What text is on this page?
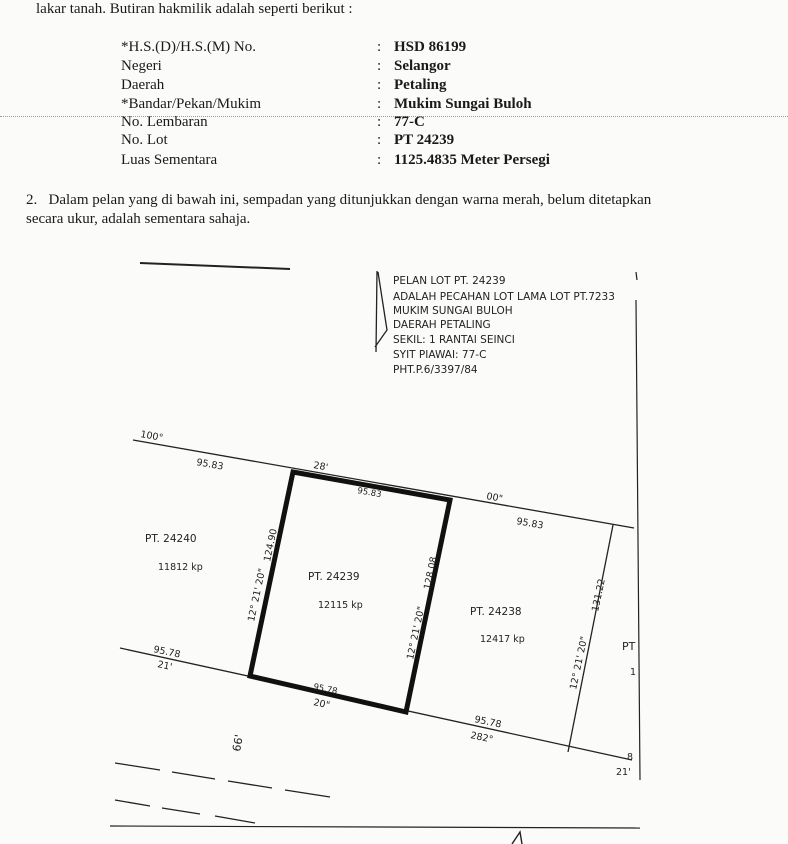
lakar tanah. Butiran hakmilik adalah seperti berikut :
*H.S.(D)/H.S.(M) No.	: HSD 86199
Negeri	: Selangor
Daerah	: Petaling
*Bandar/Pekan/Mukim	: Mukim Sungai Buloh
No. Lembaran	: 77-C
No. Lot	: PT 24239
Luas Sementara	: 1125.4835 Meter Persegi
2. Dalam pelan yang di bawah ini, sempadan yang ditunjukkan dengan warna merah, belum ditetapkan
secara ukur, adalah sementara sahaja.
PELAN LOT PT. 24239
ADALAH PECAHAN LOT LAMA LOT PT.7233
MUKIM SUNGAI BULOH
DAERAH PETALING
SEKIL: 1 RANTAI SEINCI
SYIT PIAWAI: 77-C
PHT.P.6/3397/84
PT. 24240
11812 kp
PT. 24239
12115 kp
PT. 24238
12417 kp
PT
100°
95.83	28'
95.83	00"
95.83
124.90
12° 21' 20"	128.08
12° 21' 20"
131.22
12° 21' 20"
95.78
21'
95.78
20"
95.78
282°
66'
8
21'
1
